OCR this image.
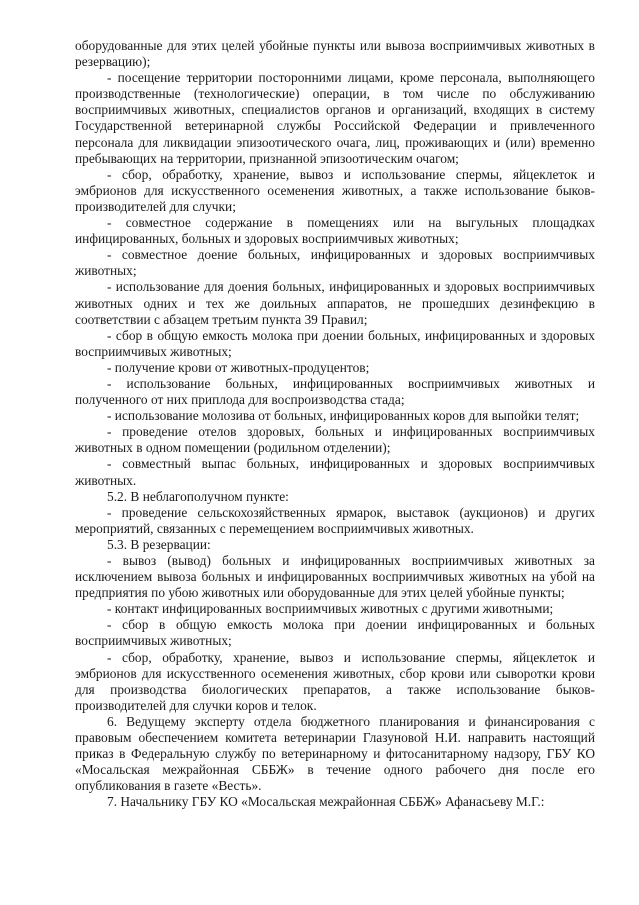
оборудованные для этих целей убойные пункты или вывоза восприимчивых животных в резервацию);

- посещение территории посторонними лицами, кроме персонала, выполняющего производственные (технологические) операции, в том числе по обслуживанию восприимчивых животных, специалистов органов и организаций, входящих в систему Государственной ветеринарной службы Российской Федерации и привлеченного персонала для ликвидации эпизоотического очага, лиц, проживающих и (или) временно пребывающих на территории, признанной эпизоотическим очагом;

- сбор, обработку, хранение, вывоз и использование спермы, яйцеклеток и эмбрионов для искусственного осеменения животных, а также использование быков-производителей для случки;

- совместное содержание в помещениях или на выгульных площадках инфицированных, больных и здоровых восприимчивых животных;

- совместное доение больных, инфицированных и здоровых восприимчивых животных;

- использование для доения больных, инфицированных и здоровых восприимчивых животных одних и тех же доильных аппаратов, не прошедших дезинфекцию в соответствии с абзацем третьим пункта 39 Правил;

- сбор в общую емкость молока при доении больных, инфицированных и здоровых восприимчивых животных;

- получение крови от животных-продуцентов;

- использование больных, инфицированных восприимчивых животных и полученного от них приплода для воспроизводства стада;

- использование молозива от больных, инфицированных коров для выпойки телят;

- проведение отелов здоровых, больных и инфицированных восприимчивых животных в одном помещении (родильном отделении);

- совместный выпас больных, инфицированных и здоровых восприимчивых животных.

5.2. В неблагополучном пункте:

- проведение сельскохозяйственных ярмарок, выставок (аукционов) и других мероприятий, связанных с перемещением восприимчивых животных.

5.3. В резервации:

- вывоз (вывод) больных и инфицированных восприимчивых животных за исключением вывоза больных и инфицированных восприимчивых животных на убой на предприятия по убою животных или оборудованные для этих целей убойные пункты;

- контакт инфицированных восприимчивых животных с другими животными;

- сбор в общую емкость молока при доении инфицированных и больных восприимчивых животных;

- сбор, обработку, хранение, вывоз и использование спермы, яйцеклеток и эмбрионов для искусственного осеменения животных, сбор крови или сыворотки крови для производства биологических препаратов, а также использование быков-производителей для случки коров и телок.

6. Ведущему эксперту отдела бюджетного планирования и финансирования с правовым обеспечением комитета ветеринарии Глазуновой Н.И. направить настоящий приказ в Федеральную службу по ветеринарному и фитосанитарному надзору, ГБУ КО «Мосальская межрайонная СББЖ» в течение одного рабочего дня после его опубликования в газете «Весть».

7. Начальнику ГБУ КО «Мосальская межрайонная СББЖ» Афанасьеву М.Г.:
